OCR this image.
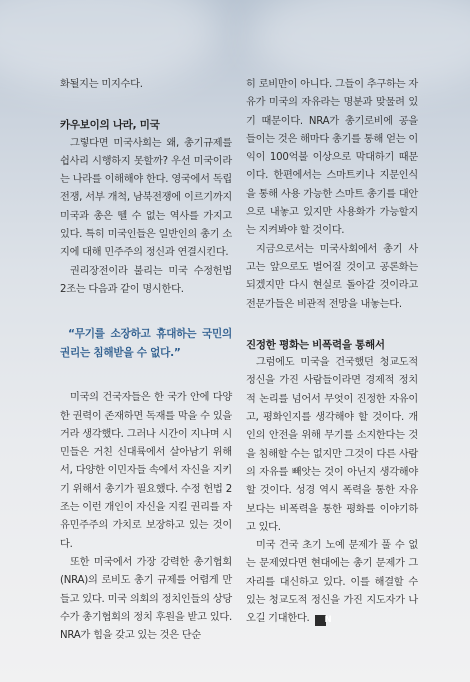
화될지는 미지수다.

카우보이의 나라, 미국

그렇다면 미국사회는 왜, 총기규제를 쉽사리 시행하지 못할까? 우선 미국이라는 나라를 이해해야 한다. 영국에서 독립 전쟁, 서부 개척, 남북전쟁에 이르기까지 미국과 총은 뗄 수 없는 역사를 가지고 있다. 특히 미국인들은 일반인의 총기 소지에 대해 민주주의 정신과 연결시킨다.

권리장전이라 불리는 미국 수정헌법 2조는 다음과 같이 명시한다.

“무기를 소장하고 휴대하는 국민의 권리는 침해받을 수 없다.”

미국의 건국자들은 한 국가 안에 다양한 권력이 존재하면 독재를 막을 수 있을 거라 생각했다. 그러나 시간이 지나며 시민들은 거친 신대륙에서 살아남기 위해서, 다양한 이민자들 속에서 자신을 지키기 위해서 총기가 필요했다. 수정 헌법 2조는 이런 개인이 자신을 지킬 권리를 자유민주주의 가치로 보장하고 있는 것이다.

또한 미국에서 가장 강력한 총기협회(NRA)의 로비도 총기 규제를 어렵게 만들고 있다. 미국 의회의 정치인들의 상당수가 총기협회의 정치 후원을 받고 있다. NRA가 힘을 갖고 있는 것은 단순

히 로비만이 아니다. 그들이 추구하는 자유가 미국의 자유라는 명분과 맞물려 있기 때문이다. NRA가 총기로비에 공을 들이는 것은 해마다 총기를 통해 얻는 이익이 100억불 이상으로 막대하기 때문이다. 한편에서는 스마트키나 지문인식을 통해 사용 가능한 스마트 총기를 대안으로 내놓고 있지만 사용화가 가능할지는 지켜봐야 할 것이다.

지금으로서는 미국사회에서 총기 사고는 앞으로도 벌어질 것이고 공론화는 되겠지만 다시 현실로 돌아갈 것이라고 전문가들은 비관적 전망을 내놓는다.

진정한 평화는 비폭력을 통해서

그럼에도 미국을 건국했던 청교도적 정신을 가진 사람들이라면 경제적 정치적 논리를 넘어서 무엇이 진정한 자유이고, 평화인지를 생각해야 할 것이다. 개인의 안전을 위해 무기를 소지한다는 것을 침해할 수는 없지만 그것이 다른 사람의 자유를 빼앗는 것이 아닌지 생각해야 할 것이다. 성경 역시 폭력을 통한 자유보다는 비폭력을 통한 평화를 이야기하고 있다.

미국 건국 초기 노예 문제가 풀 수 없는 문제였다면 현대에는 총기 문제가 그 자리를 대신하고 있다. 이를 해결할 수 있는 청교도적 정신을 가진 지도자가 나오길 기대한다. N
